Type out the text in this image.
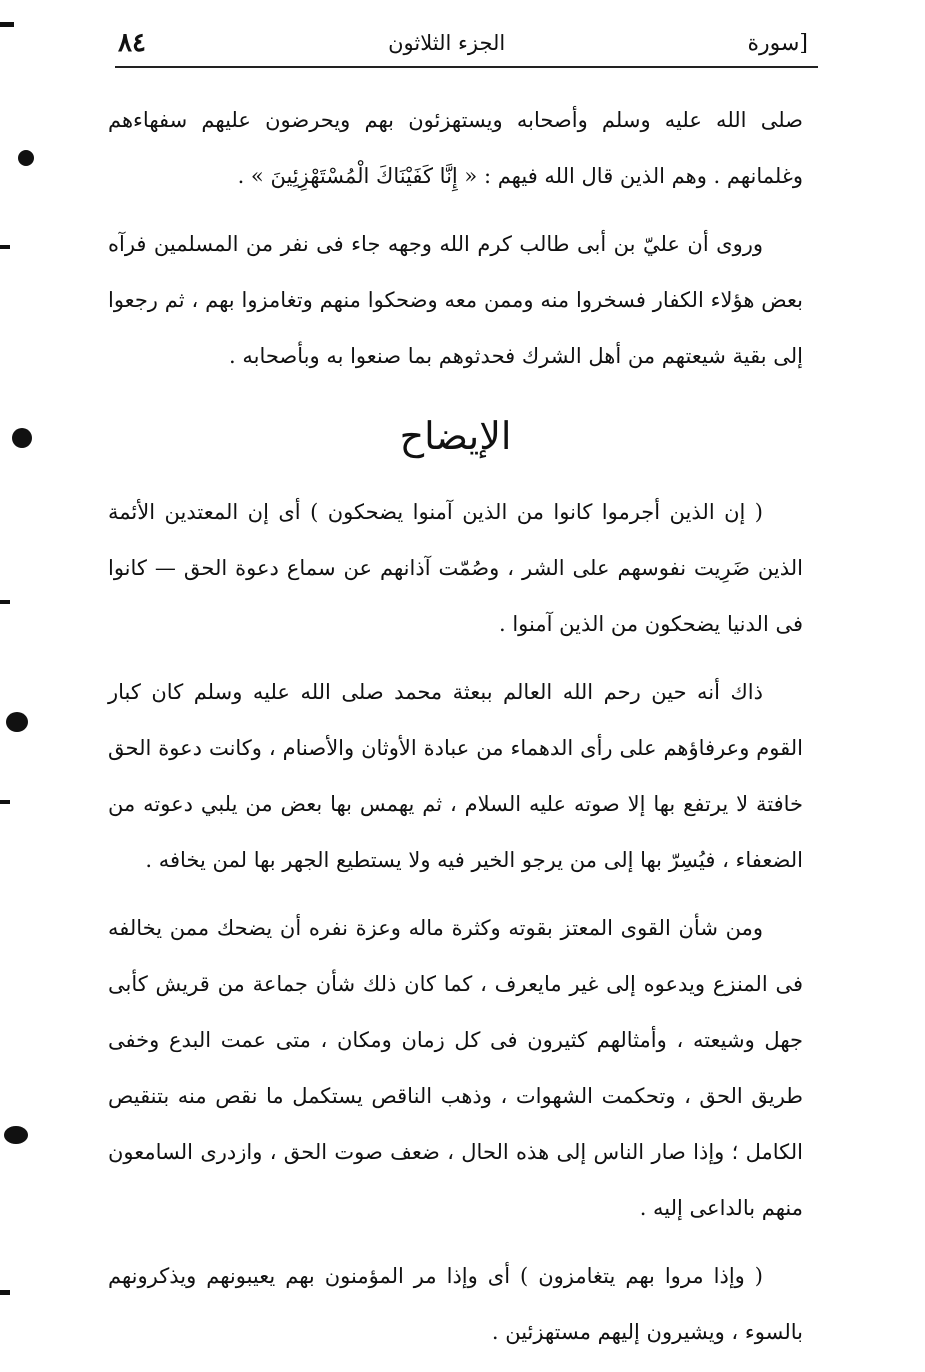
[سورة
الجزء الثلاثون
٨٤

صلى الله عليه وسلم وأصحابه ويستهزئون بهم ويحرضون عليهم سفهاءهم وغلمانهم . وهم الذين قال الله فيهم : « إِنَّا كَفَيْنَاكَ الْمُسْتَهْزِئِينَ » .

وروى أن عليّ بن أبى طالب كرم الله وجهه جاء فى نفر من المسلمين فرآه بعض هؤلاء الكفار فسخروا منه وممن معه وضحكوا منهم وتغامزوا بهم ، ثم رجعوا إلى بقية شيعتهم من أهل الشرك فحدثوهم بما صنعوا به وبأصحابه .

الإيضاح

( إن الذين أجرموا كانوا من الذين آمنوا يضحكون ) أى إن المعتدين الأئمة الذين ضَرِيت نفوسهم على الشر ، وصُمّت آذانهم عن سماع دعوة الحق — كانوا فى الدنيا يضحكون من الذين آمنوا .

ذاك أنه حين رحم الله العالم ببعثة محمد صلى الله عليه وسلم كان كبار القوم وعرفاؤهم على رأى الدهماء من عبادة الأوثان والأصنام ، وكانت دعوة الحق خافتة لا يرتفع بها إلا صوته عليه السلام ، ثم يهمس بها بعض من يلبي دعوته من الضعفاء ، فيُسِرّ بها إلى من يرجو الخير فيه ولا يستطيع الجهر بها لمن يخافه .

ومن شأن القوى المعتز بقوته وكثرة ماله وعزة نفره أن يضحك ممن يخالفه فى المنزع ويدعوه إلى غير مايعرف ، كما كان ذلك شأن جماعة من قريش كأبى جهل وشيعته ، وأمثالهم كثيرون فى كل زمان ومكان ، متى عمت البدع وخفى طريق الحق ، وتحكمت الشهوات ، وذهب الناقص يستكمل ما نقص منه بتنقيص الكامل ؛ وإذا صار الناس إلى هذه الحال ، ضعف صوت الحق ، وازدرى السامعون منهم بالداعى إليه .

( وإذا مروا بهم يتغامزون ) أى وإذا مر المؤمنون بهم يعيبونهم ويذكرونهم بالسوء ، ويشيرون إليهم مستهزئين .
